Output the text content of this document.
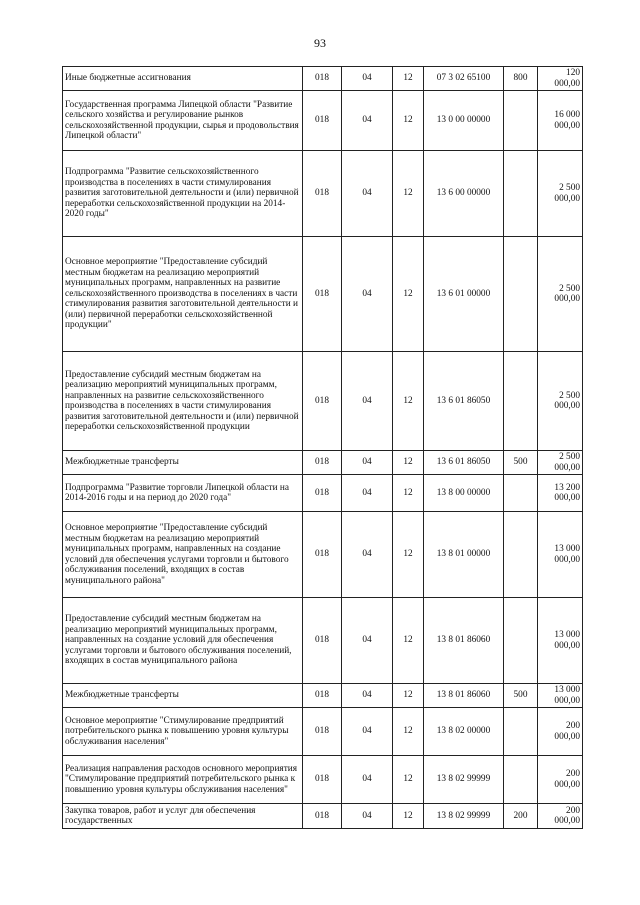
93
Иные бюджетные ассигнования	018	04	12	07 3 02 65100	800	120 000,00
Государственная программа Липецкой области "Развитие сельского хозяйства и регулирование рынков сельскохозяйственной продукции, сырья и продовольствия Липецкой области"	018	04	12	13 0 00 00000		16 000 000,00
Подпрограмма "Развитие сельскохозяйственного производства в поселениях в части стимулирования развития заготовительной деятельности и (или) первичной переработки сельскохозяйственной продукции на 2014-2020 годы"	018	04	12	13 6 00 00000		2 500 000,00
Основное мероприятие "Предоставление субсидий местным бюджетам на реализацию мероприятий муниципальных программ, направленных на развитие сельскохозяйственного производства в поселениях в части стимулирования развития заготовительной деятельности и (или) первичной переработки сельскохозяйственной продукции"	018	04	12	13 6 01 00000		2 500 000,00
Предоставление субсидий местным бюджетам на реализацию мероприятий муниципальных программ, направленных на развитие сельскохозяйственного производства в поселениях в части стимулирования развития заготовительной деятельности и (или) первичной переработки сельскохозяйственной продукции	018	04	12	13 6 01 86050		2 500 000,00
Межбюджетные трансферты	018	04	12	13 6 01 86050	500	2 500 000,00
Подпрограмма "Развитие торговли Липецкой области на 2014-2016 годы и на период до 2020 года"	018	04	12	13 8 00 00000		13 200 000,00
Основное мероприятие "Предоставление субсидий местным бюджетам на реализацию мероприятий муниципальных программ, направленных на создание условий для обеспечения услугами торговли и бытового обслуживания поселений, входящих в состав муниципального района"	018	04	12	13 8 01 00000		13 000 000,00
Предоставление субсидий местным бюджетам на реализацию мероприятий муниципальных программ, направленных на создание условий для обеспечения услугами торговли и бытового обслуживания поселений, входящих в состав муниципального района	018	04	12	13 8 01 86060		13 000 000,00
Межбюджетные трансферты	018	04	12	13 8 01 86060	500	13 000 000,00
Основное мероприятие "Стимулирование предприятий потребительского рынка к повышению уровня культуры обслуживания населения"	018	04	12	13 8 02 00000		200 000,00
Реализация направления расходов основного мероприятия "Стимулирование предприятий потребительского рынка к повышению уровня культуры обслуживания населения"	018	04	12	13 8 02 99999		200 000,00
Закупка товаров, работ и услуг для обеспечения государственных	018	04	12	13 8 02 99999	200	200 000,00
